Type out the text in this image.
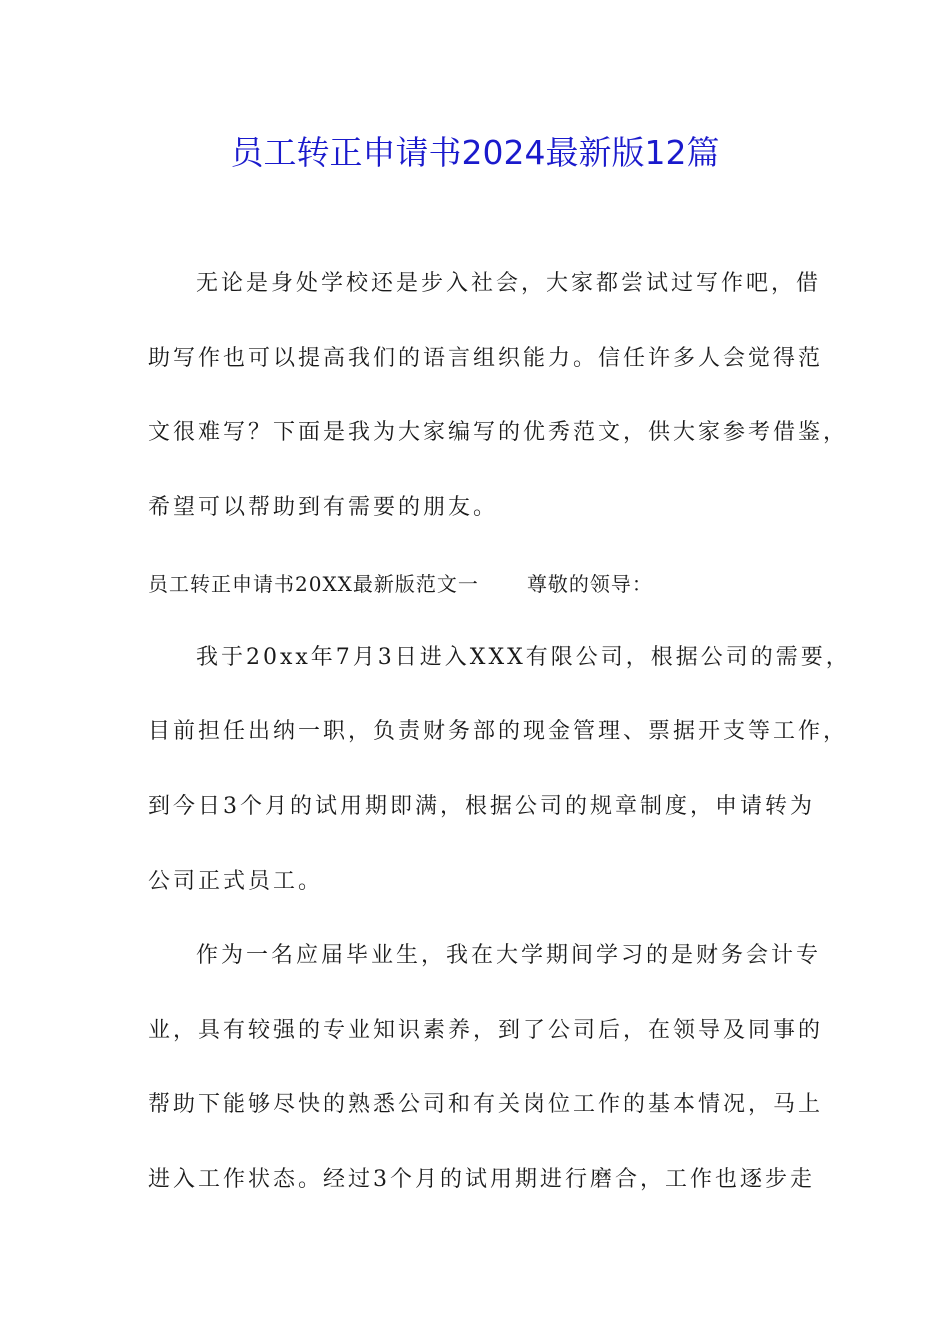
员工转正申请书2024最新版12篇
无论是身处学校还是步入社会，大家都尝试过写作吧，借
助写作也可以提高我们的语言组织能力。信任许多人会觉得范
文很难写？下面是我为大家编写的优秀范文，供大家参考借鉴，
希望可以帮助到有需要的朋友。
员工转正申请书20XX最新版范文一 尊敬的领导：
我于20xx年7月3日进入XXX有限公司，根据公司的需要，
目前担任出纳一职，负责财务部的现金管理、票据开支等工作，
到今日3个月的试用期即满，根据公司的规章制度，申请转为
公司正式员工。
作为一名应届毕业生，我在大学期间学习的是财务会计专
业，具有较强的专业知识素养，到了公司后，在领导及同事的
帮助下能够尽快的熟悉公司和有关岗位工作的基本情况，马上
进入工作状态。经过3个月的试用期进行磨合，工作也逐步走
